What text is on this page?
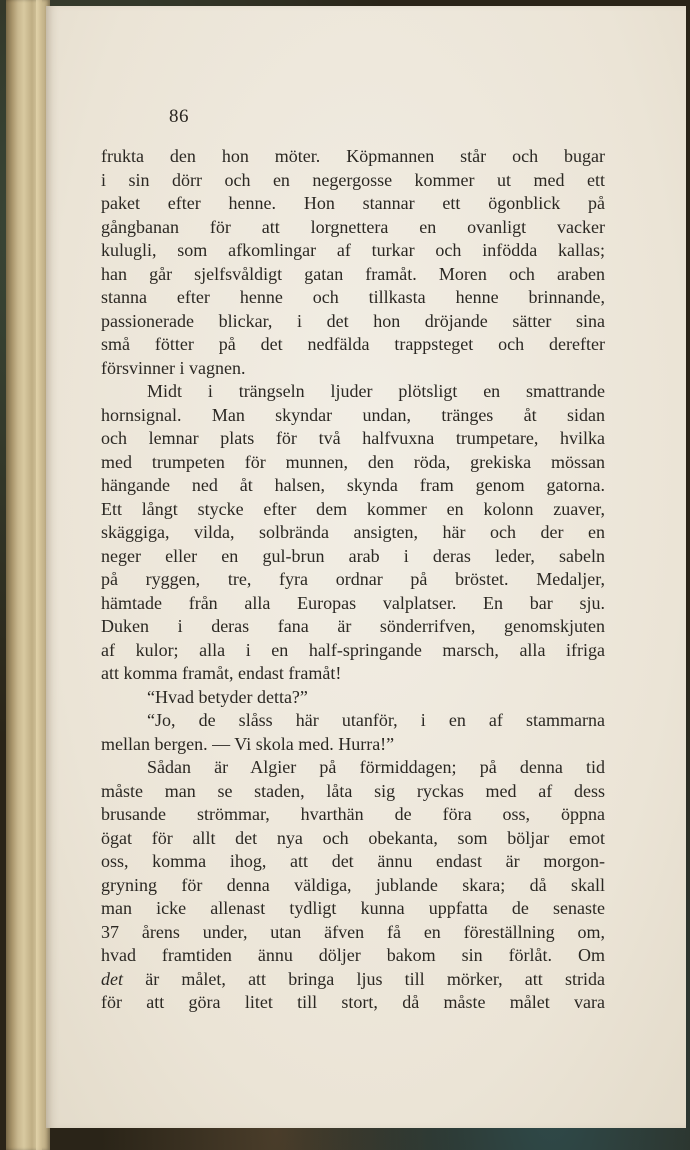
86
frukta den hon möter. Köpmannen står och bugar
i sin dörr och en negergosse kommer ut med ett
paket efter henne. Hon stannar ett ögonblick på
gångbanan för att lorgnettera en ovanligt vacker
kulugli, som afkomlingar af turkar och infödda kallas;
han går sjelfsvåldigt gatan framåt. Moren och araben
stanna efter henne och tillkasta henne brinnande,
passionerade blickar, i det hon dröjande sätter sina
små fötter på det nedfälda trappsteget och derefter
försvinner i vagnen.
Midt i trängseln ljuder plötsligt en smattrande
hornsignal. Man skyndar undan, tränges åt sidan
och lemnar plats för två halfvuxna trumpetare, hvilka
med trumpeten för munnen, den röda, grekiska mössan
hängande ned åt halsen, skynda fram genom gatorna.
Ett långt stycke efter dem kommer en kolonn zuaver,
skäggiga, vilda, solbrända ansigten, här och der en
neger eller en gul-brun arab i deras leder, sabeln
på ryggen, tre, fyra ordnar på bröstet. Medaljer,
hämtade från alla Europas valplatser. En bar sju.
Duken i deras fana är sönderrifven, genomskjuten
af kulor; alla i en half-springande marsch, alla ifriga
att komma framåt, endast framåt!
“Hvad betyder detta?”
“Jo, de slåss här utanför, i en af stammarna
mellan bergen. — Vi skola med. Hurra!”
Sådan är Algier på förmiddagen; på denna tid
måste man se staden, låta sig ryckas med af dess
brusande strömmar, hvarthän de föra oss, öppna
ögat för allt det nya och obekanta, som böljar emot
oss, komma ihog, att det ännu endast är morgon-
gryning för denna väldiga, jublande skara; då skall
man icke allenast tydligt kunna uppfatta de senaste
37 årens under, utan äfven få en föreställning om,
hvad framtiden ännu döljer bakom sin förlåt. Om
det är målet, att bringa ljus till mörker, att strida
för att göra litet till stort, då måste målet vara
